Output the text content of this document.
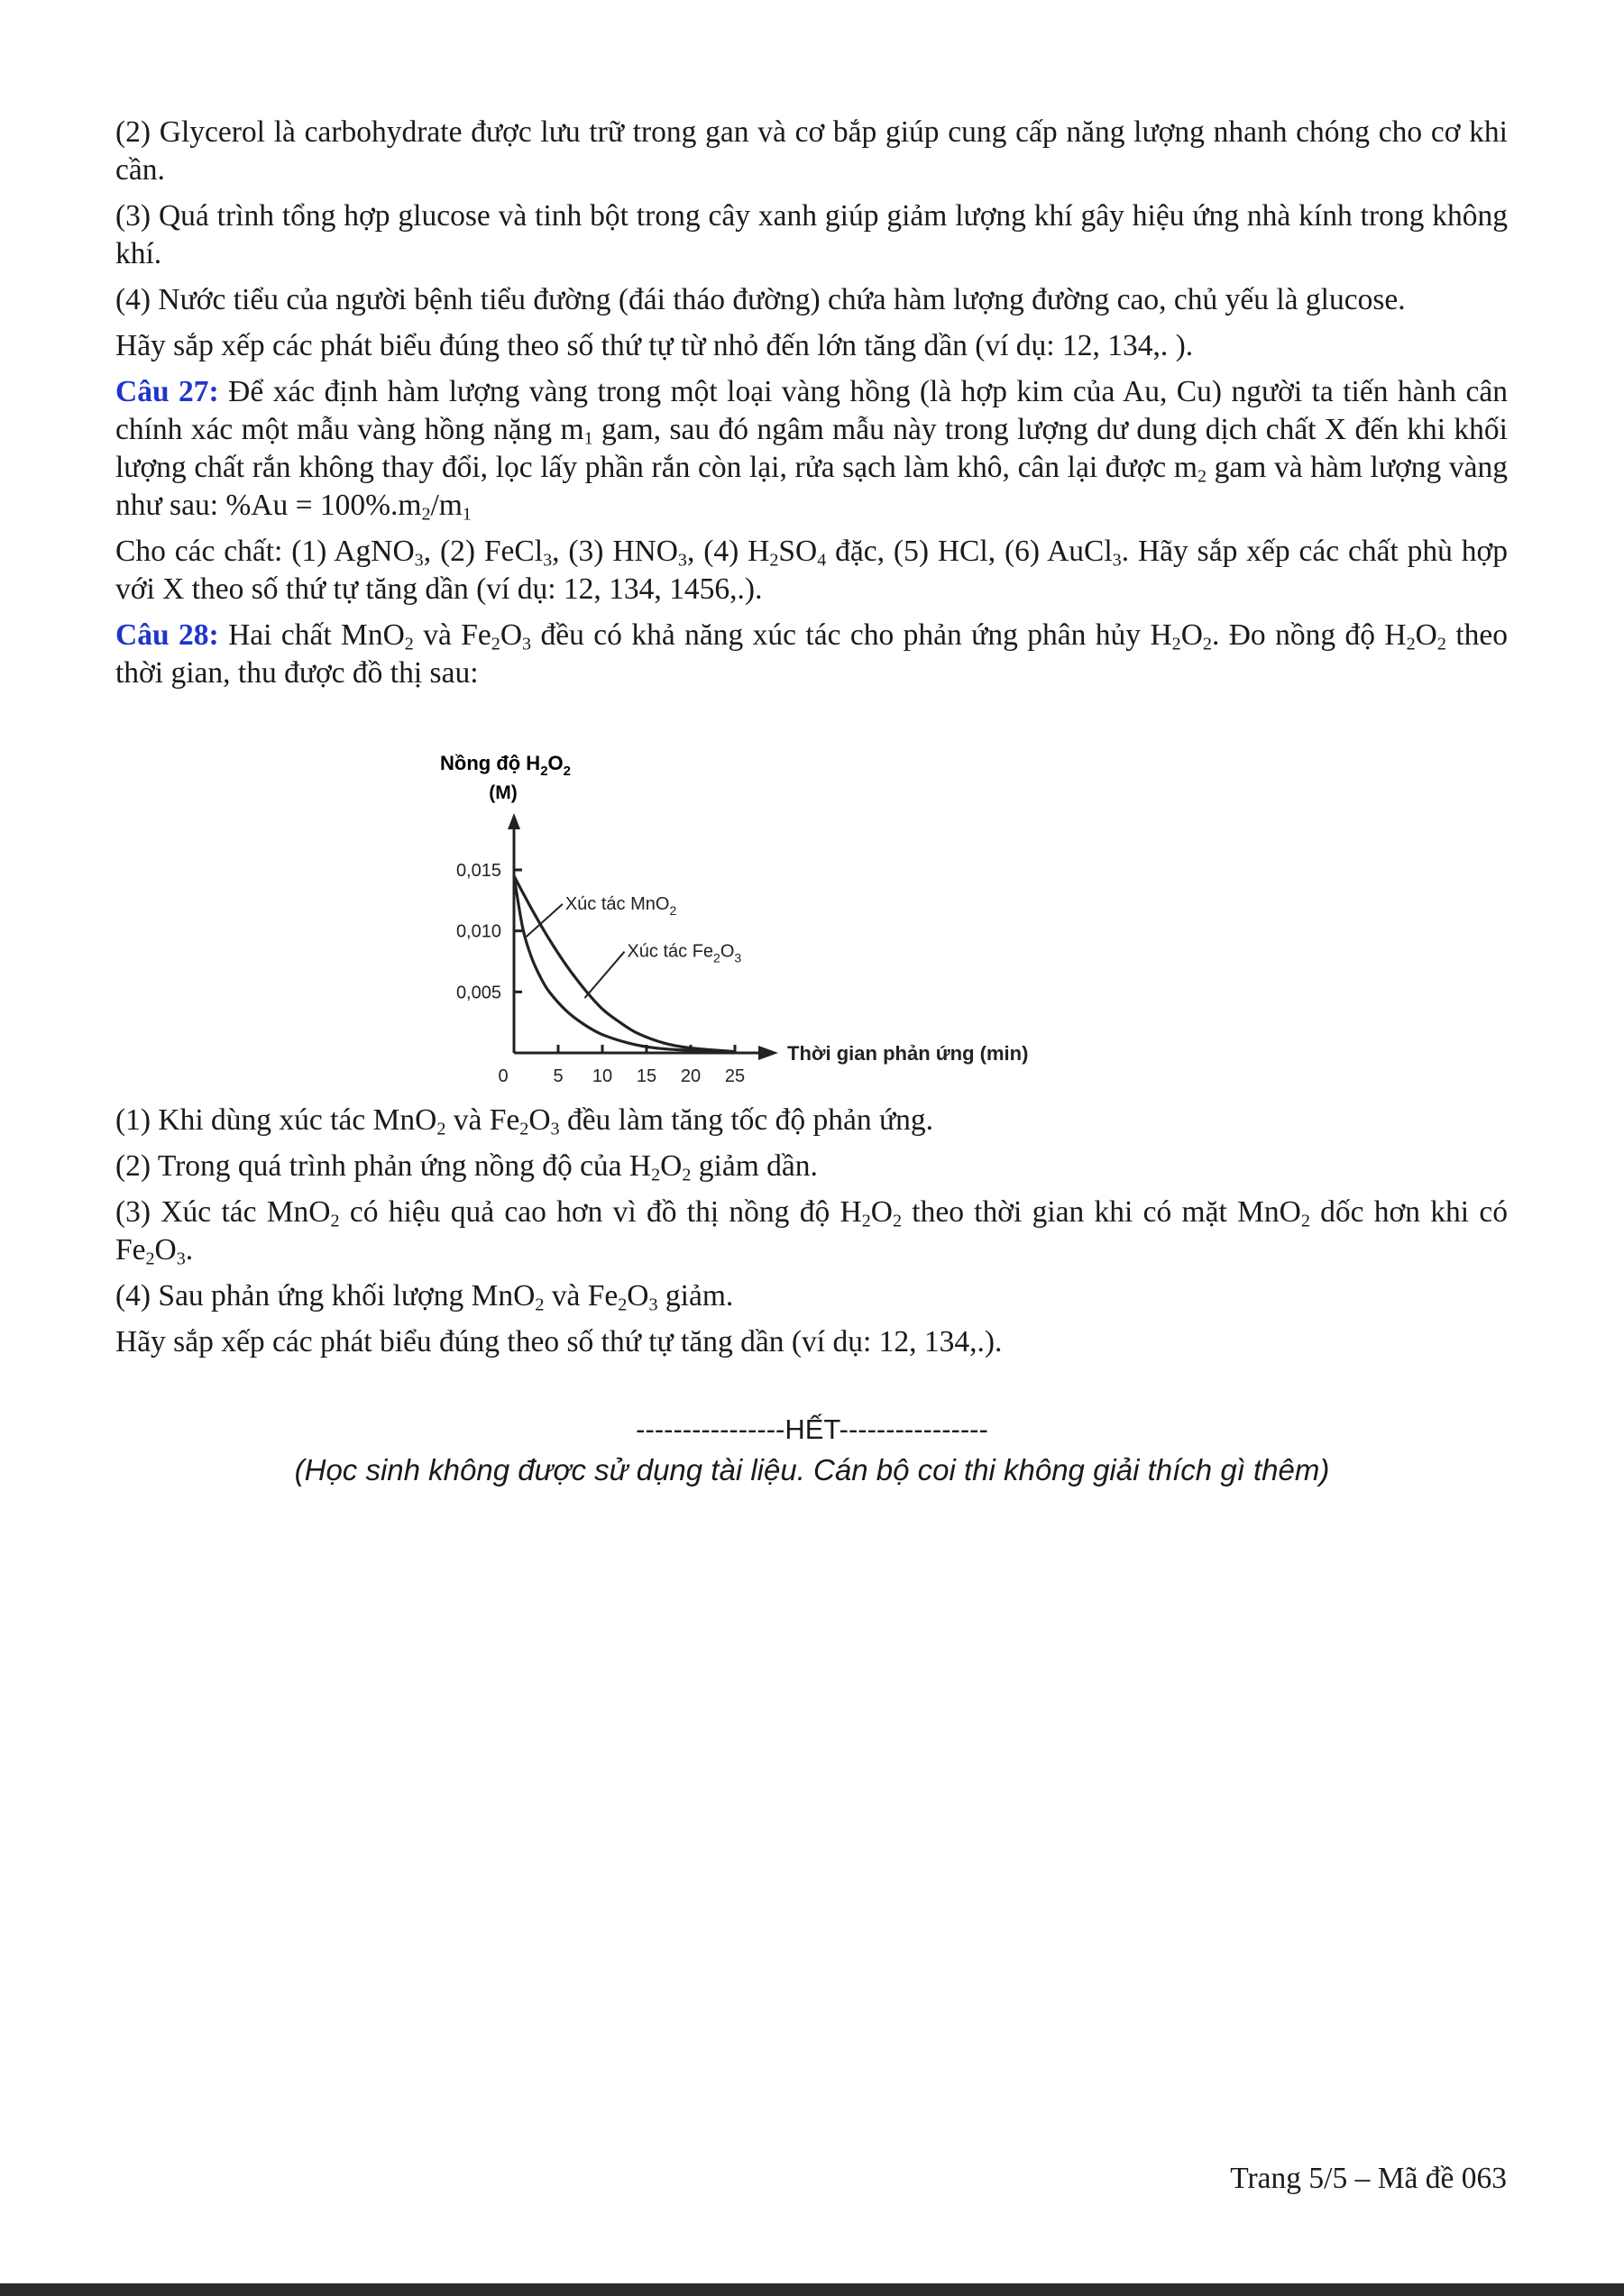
(2) Glycerol là carbohydrate được lưu trữ trong gan và cơ bắp giúp cung cấp năng lượng nhanh chóng cho cơ khi cần.

(3) Quá trình tổng hợp glucose và tinh bột trong cây xanh giúp giảm lượng khí gây hiệu ứng nhà kính trong không khí.

(4) Nước tiểu của người bệnh tiểu đường (đái tháo đường) chứa hàm lượng đường cao, chủ yếu là glucose.

Hãy sắp xếp các phát biểu đúng theo số thứ tự từ nhỏ đến lớn tăng dần (ví dụ: 12, 134,. ).

Câu 27: Để xác định hàm lượng vàng trong một loại vàng hồng (là hợp kim của Au, Cu) người ta tiến hành cân chính xác một mẫu vàng hồng nặng $m_1$ gam, sau đó ngâm mẫu này trong lượng dư dung dịch chất X đến khi khối lượng chất rắn không thay đổi, lọc lấy phần rắn còn lại, rửa sạch làm khô, cân lại được $m_2$ gam và hàm lượng vàng như sau: $\%Au = 100\%.m_2/m_1$

Cho các chất: (1) AgNO$_3$, (2) FeCl$_3$, (3) $HNO_3$, (4) $H_2SO_4$ đặc, (5) HCl, (6) AuCl$_3$. Hãy sắp xếp các chất phù hợp với X theo số thứ tự tăng dần (ví dụ: 12, 134, 1456,.).

Câu 28: Hai chất MnO$_2$ và $Fe_2O_3$ đều có khả năng xúc tác cho phản ứng phân hủy $H_2O_2$. Đo nồng độ $H_2O_2$ theo thời gian, thu được đồ thị sau:

Nồng độ $H_2O_2$
(M)
0,015
0,010
0,005
0 5 10 15 20 25
Thời gian phản ứng (min)
Xúc tác MnO$_2$
Xúc tác $Fe_2O_3$

(1) Khi dùng xúc tác MnO$_2$ và $Fe_2O_3$ đều làm tăng tốc độ phản ứng.

(2) Trong quá trình phản ứng nồng độ của $H_2O_2$ giảm dần.

(3) Xúc tác MnO$_2$ có hiệu quả cao hơn vì đồ thị nồng độ $H_2O_2$ theo thời gian khi có mặt MnO$_2$ dốc hơn khi có $Fe_2O_3$.

(4) Sau phản ứng khối lượng MnO$_2$ và $Fe_2O_3$ giảm.

Hãy sắp xếp các phát biểu đúng theo số thứ tự tăng dần (ví dụ: 12, 134,.).

----------------HẾT----------------
(Học sinh không được sử dụng tài liệu. Cán bộ coi thi không giải thích gì thêm)
Trang 5/5 – Mã đề 063
